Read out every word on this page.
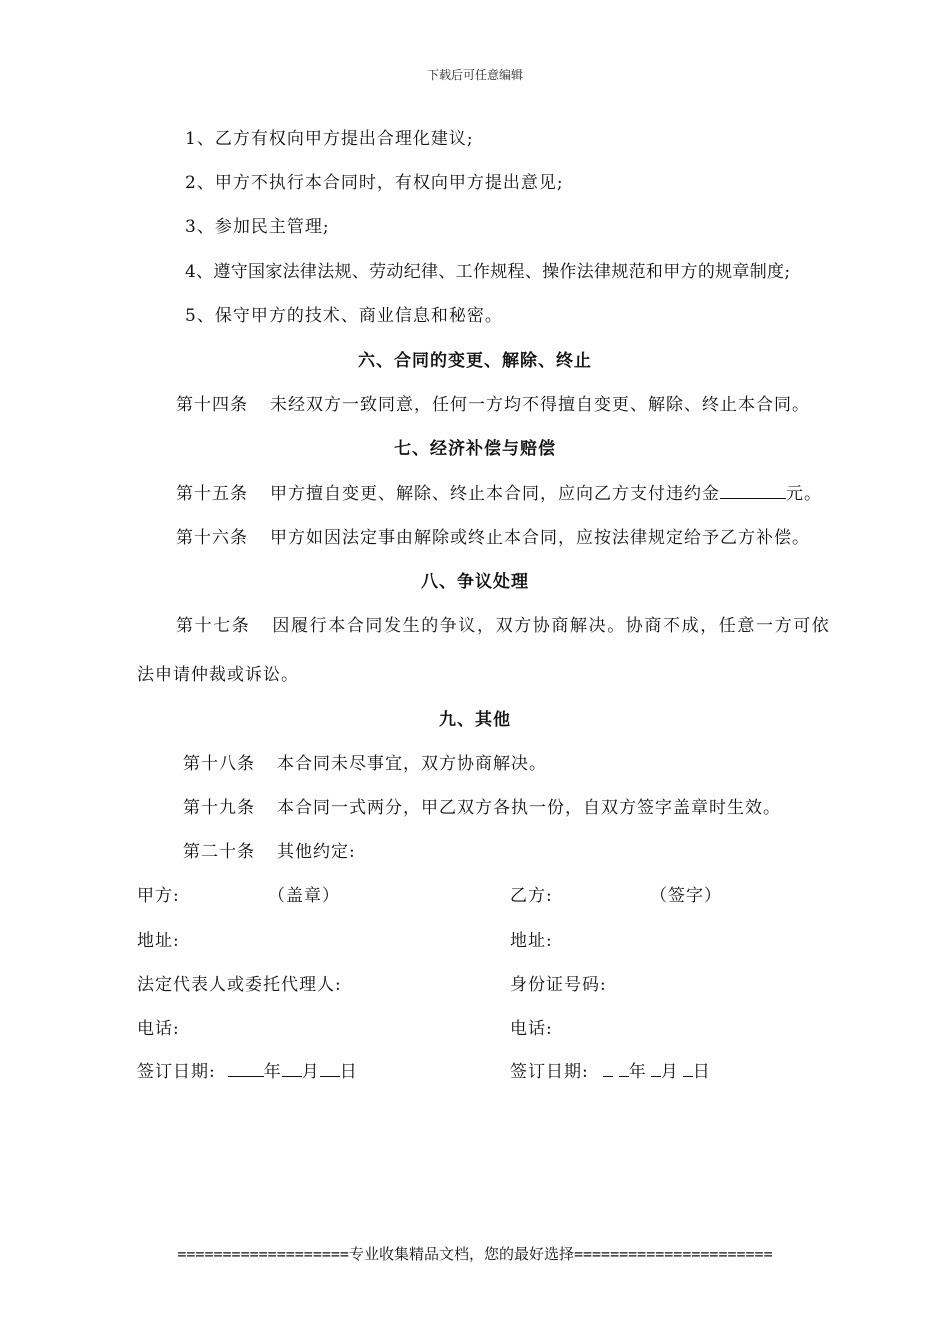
下载后可任意编辑
1、乙方有权向甲方提出合理化建议;
2、甲方不执行本合同时，有权向甲方提出意见;
3、参加民主管理;
4、遵守国家法律法规、劳动纪律、工作规程、操作法律规范和甲方的规章制度;
5、保守甲方的技术、商业信息和秘密。
六、合同的变更、解除、终止
第十四条 未经双方一致同意，任何一方均不得擅自变更、解除、终止本合同。
七、经济补偿与赔偿
第十五条 甲方擅自变更、解除、终止本合同，应向乙方支付违约金	元。
第十六条 甲方如因法定事由解除或终止本合同，应按法律规定给予乙方补偿。
八、争议处理
第十七条 因履行本合同发生的争议，双方协商解决。协商不成，任意一方可依
法申请仲裁或诉讼。
九、其他
第十八条 本合同未尽事宜，双方协商解决。
第十九条 本合同一式两分，甲乙双方各执一份，自双方签字盖章时生效。
第二十条 其他约定:
甲方:	（盖章）	乙方:	（签字）
地址:	地址:
法定代表人或委托代理人:	身份证号码:
电话:	电话:
签订日期:	年 月 日	签订日期: 年 月 日
===================专业收集精品文档，您的最好选择======================
